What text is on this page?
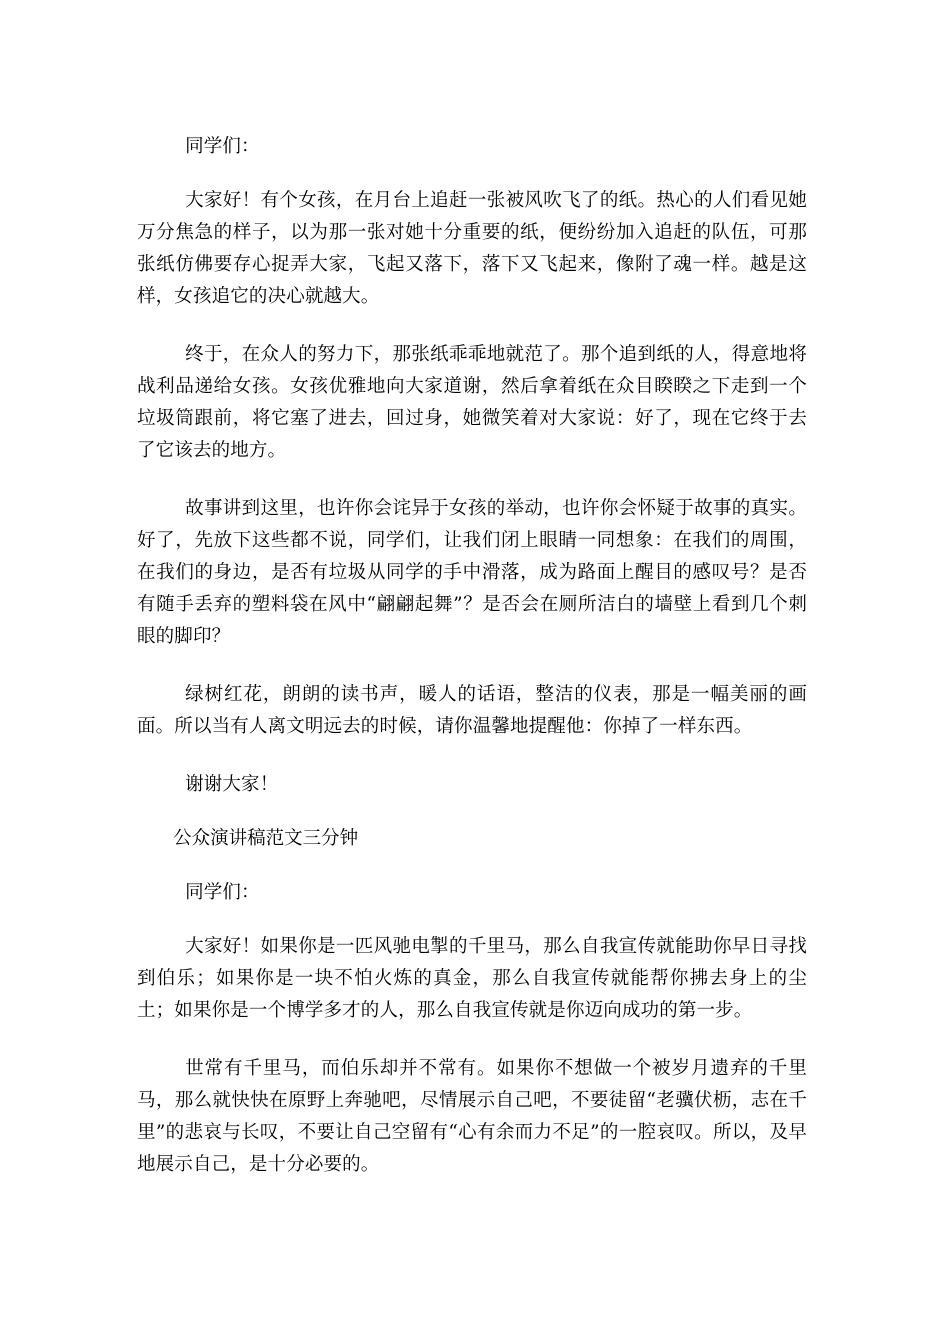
同学们：

大家好！有个女孩，在月台上追赶一张被风吹飞了的纸。热心的人们看见她万分焦急的样子，以为那一张对她十分重要的纸，便纷纷加入追赶的队伍，可那张纸仿佛要存心捉弄大家，飞起又落下，落下又飞起来，像附了魂一样。越是这样，女孩追它的决心就越大。

终于，在众人的努力下，那张纸乖乖地就范了。那个追到纸的人，得意地将战利品递给女孩。女孩优雅地向大家道谢，然后拿着纸在众目睽睽之下走到一个垃圾筒跟前，将它塞了进去，回过身，她微笑着对大家说：好了，现在它终于去了它该去的地方。

故事讲到这里，也许你会诧异于女孩的举动，也许你会怀疑于故事的真实。好了，先放下这些都不说，同学们，让我们闭上眼睛一同想象：在我们的周围，在我们的身边，是否有垃圾从同学的手中滑落，成为路面上醒目的感叹号？是否有随手丢弃的塑料袋在风中“翩翩起舞”？是否会在厕所洁白的墙壁上看到几个刺眼的脚印？

绿树红花，朗朗的读书声，暖人的话语，整洁的仪表，那是一幅美丽的画面。所以当有人离文明远去的时候，请你温馨地提醒他：你掉了一样东西。

谢谢大家！

公众演讲稿范文三分钟

同学们：

大家好！如果你是一匹风驰电掣的千里马，那么自我宣传就能助你早日寻找到伯乐；如果你是一块不怕火炼的真金，那么自我宣传就能帮你拂去身上的尘土；如果你是一个博学多才的人，那么自我宣传就是你迈向成功的第一步。

世常有千里马，而伯乐却并不常有。如果你不想做一个被岁月遗弃的千里马，那么就快快在原野上奔驰吧，尽情展示自己吧，不要徒留“老骥伏枥，志在千里”的悲哀与长叹，不要让自己空留有“心有余而力不足”的一腔哀叹。所以，及早地展示自己，是十分必要的。
